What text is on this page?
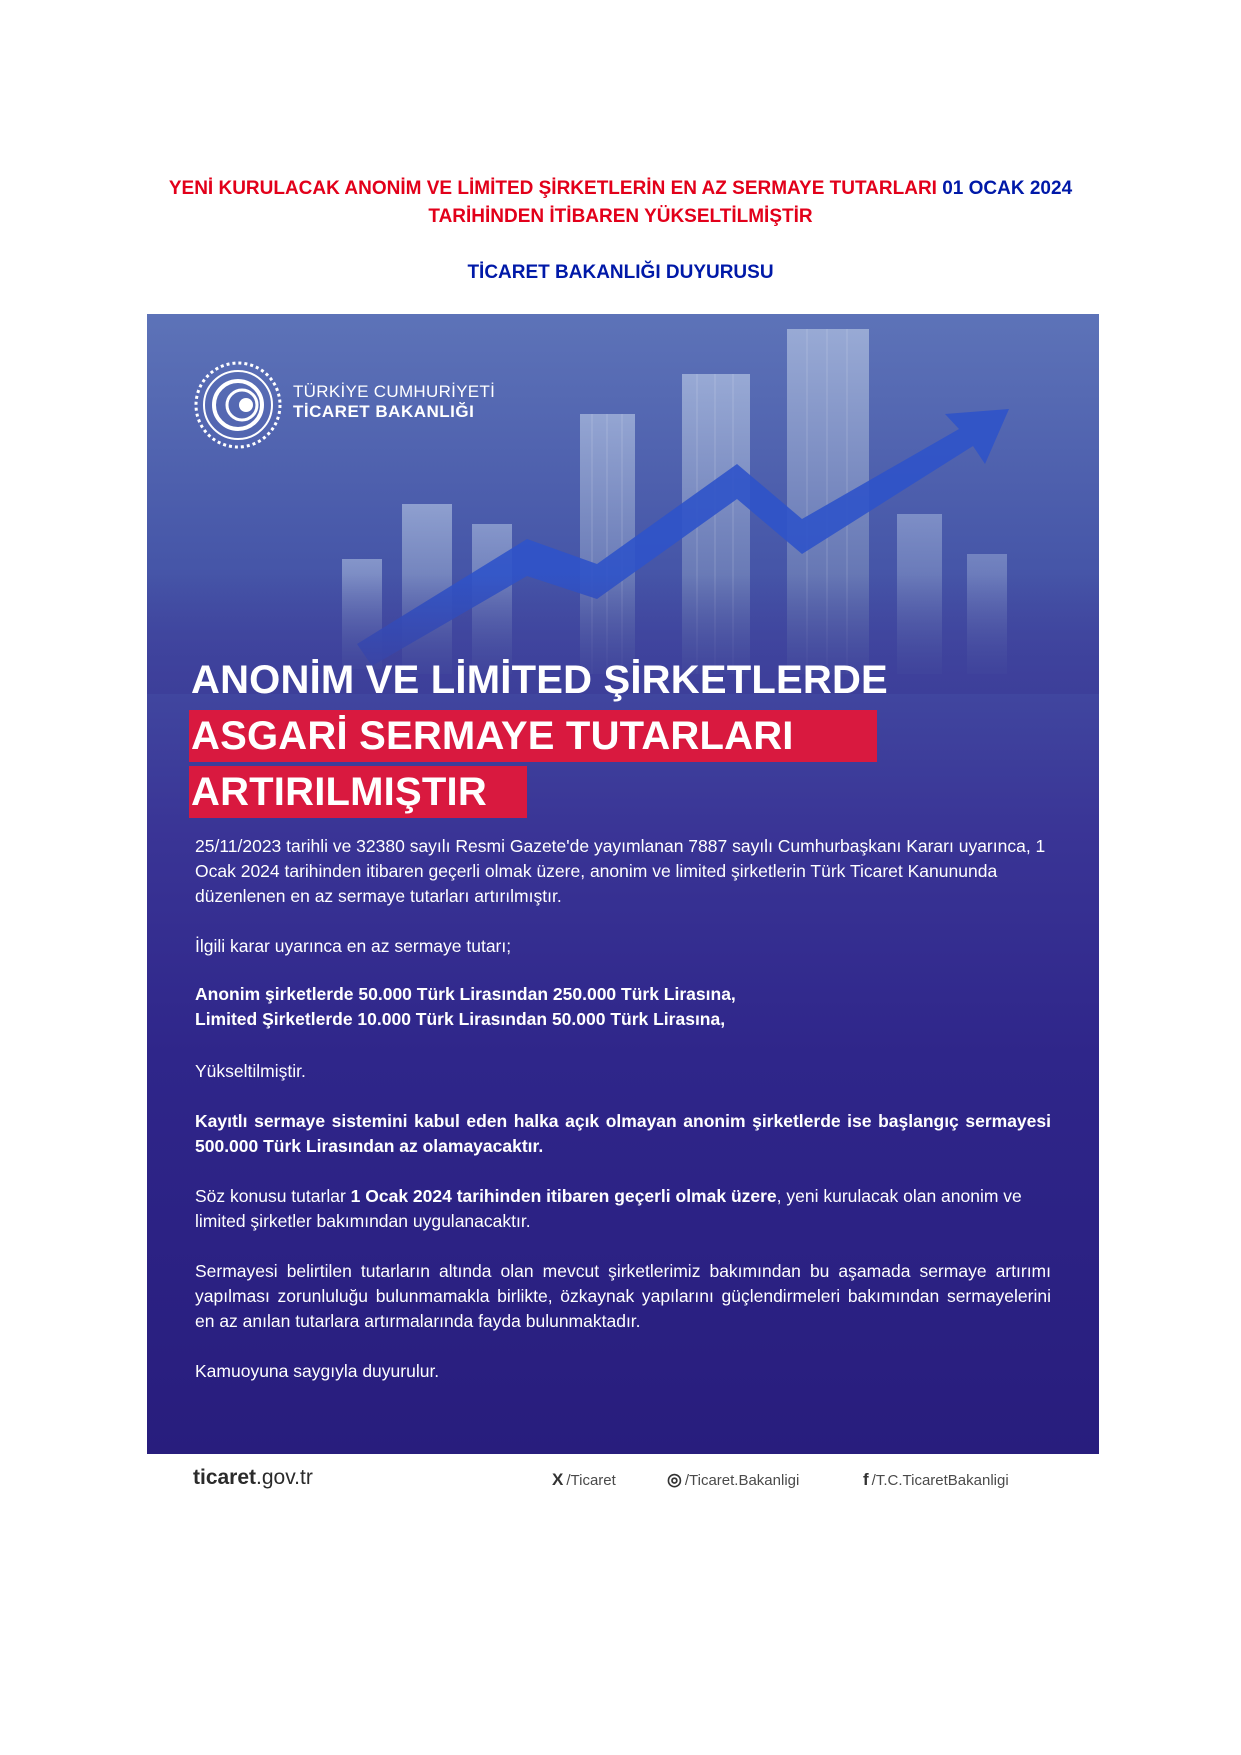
YENİ KURULACAK ANONİM VE LİMİTED ŞİRKETLERİN EN AZ SERMAYE TUTARLARI 01 OCAK 2024
TARİHİNDEN İTİBAREN YÜKSELTİLMİŞTİR
TİCARET BAKANLIĞI DUYURUSU
TÜRKİYE CUMHURİYETİ
TİCARET BAKANLIĞI
ANONİM VE LİMİTED ŞİRKETLERDE
ASGARİ SERMAYE TUTARLARI
ARTIRILMIŞTIR

25/11/2023 tarihli ve 32380 sayılı Resmi Gazete'de yayımlanan 7887 sayılı Cumhurbaşkanı Kararı uyarınca, 1 Ocak 2024 tarihinden itibaren geçerli olmak üzere, anonim ve limited şirketlerin Türk Ticaret Kanununda düzenlenen en az sermaye tutarları artırılmıştır.

İlgili karar uyarınca en az sermaye tutarı;

Anonim şirketlerde 50.000 Türk Lirasından 250.000 Türk Lirasına,

Limited Şirketlerde 10.000 Türk Lirasından 50.000 Türk Lirasına,

Yükseltilmiştir.

Kayıtlı sermaye sistemini kabul eden halka açık olmayan anonim şirketlerde ise başlangıç sermayesi 500.000 Türk Lirasından az olamayacaktır.

Söz konusu tutarlar 1 Ocak 2024 tarihinden itibaren geçerli olmak üzere, yeni kurulacak olan anonim ve limited şirketler bakımından uygulanacaktır.

Sermayesi belirtilen tutarların altında olan mevcut şirketlerimiz bakımından bu aşamada sermaye artırımı yapılması zorunluluğu bulunmamakla birlikte, özkaynak yapılarını güçlendirmeleri bakımından sermayelerini en az anılan tutarlara artırmalarında fayda bulunmaktadır.

Kamuoyuna saygıyla duyurulur.

ticaret.gov.tr	X /Ticaret	◎ /Ticaret.Bakanligi	f /T.C.TicaretBakanligi
